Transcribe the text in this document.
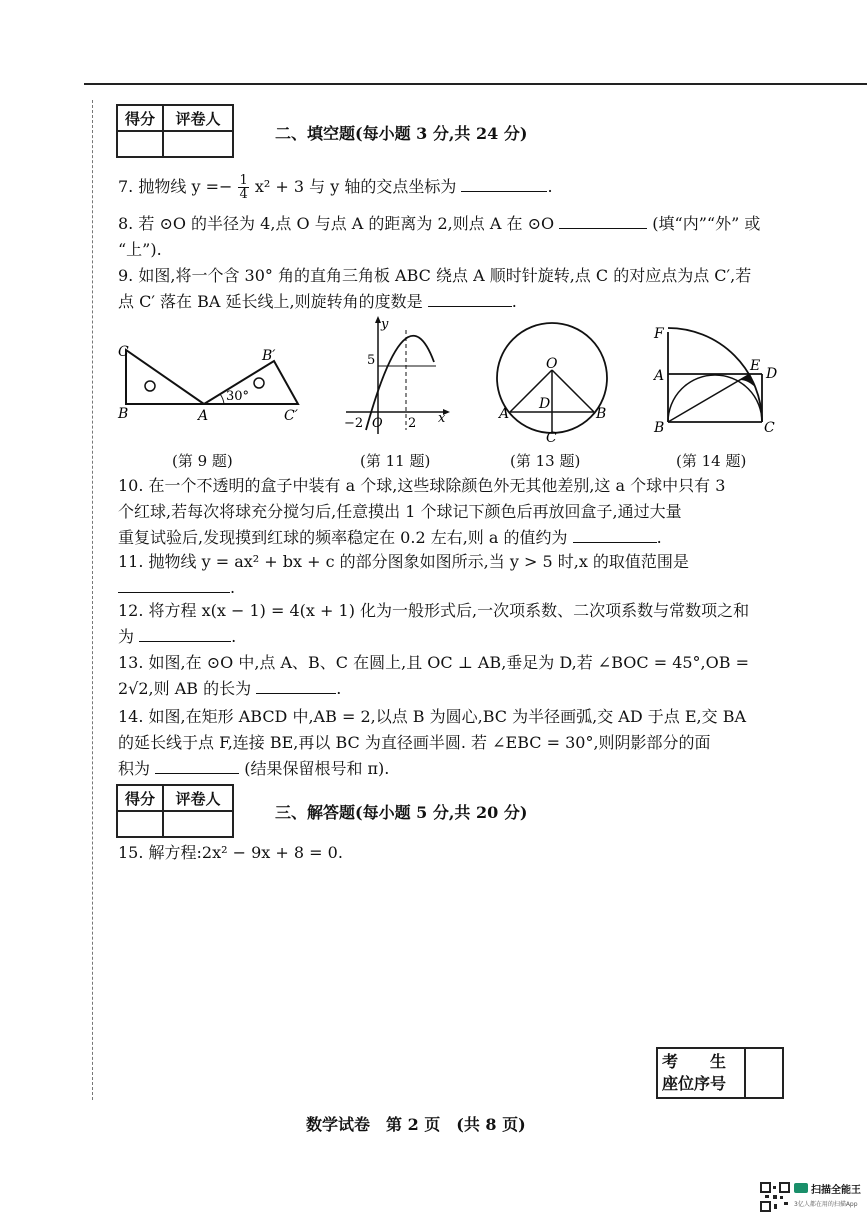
得分	评卷人

二、填空题(每小题 3 分,共 24 分)
7. 抛物线 $y =- \frac{1}{4} x^2 + 3$ 与 y 轴的交点坐标为	.
8. 若 ⊙O 的半径为 4,点 O 与点 A 的距离为 2,则点 A 在 ⊙O	(填“内”“外” 或
“上”).
9. 如图,将一个含 30° 角的直角三角板 ABC 绕点 A 顺时针旋转,点 C 的对应点为点 C′,若
点 C′ 落在 BA 延长线上,则旋转角的度数是	.
C
B	A
B′
C′
30°
(第 9 题)
y
5
−2 O 2 x
(第 11 题)
O
A	B
C
D
(第 13 题)
F
A
E D
B	C
(第 14 题)
10. 在一个不透明的盒子中装有 a 个球,这些球除颜色外无其他差别,这 a 个球中只有 3
个红球,若每次将球充分搅匀后,任意摸出 1 个球记下颜色后再放回盒子,通过大量
重复试验后,发现摸到红球的频率稳定在 0.2 左右,则 a 的值约为	.
11. 抛物线 y = ax² + bx + c 的部分图象如图所示,当 y > 5 时,x 的取值范围是
.
12. 将方程 x(x − 1) = 4(x + 1) 化为一般形式后,一次项系数、二次项系数与常数项之和
为	.
13. 如图,在 ⊙O 中,点 A、B、C 在圆上,且 OC ⊥ AB,垂足为 D,若 ∠BOC = 45°,OB =
2√2,则 AB 的长为	.
14. 如图,在矩形 ABCD 中,AB = 2,以点 B 为圆心,BC 为半径画弧,交 AD 于点 E,交 BA
的延长线于点 F,连接 BE,再以 BC 为直径画半圆. 若 ∠EBC = 30°,则阴影部分的面
积为	(结果保留根号和 π).
得分	评卷人

三、解答题(每小题 5 分,共 20 分)
15. 解方程:2x² − 9x + 8 = 0.
考　　生
座位序号

数学试卷　第 2 页　(共 8 页)
扫描全能王
3亿人都在用的扫描App
